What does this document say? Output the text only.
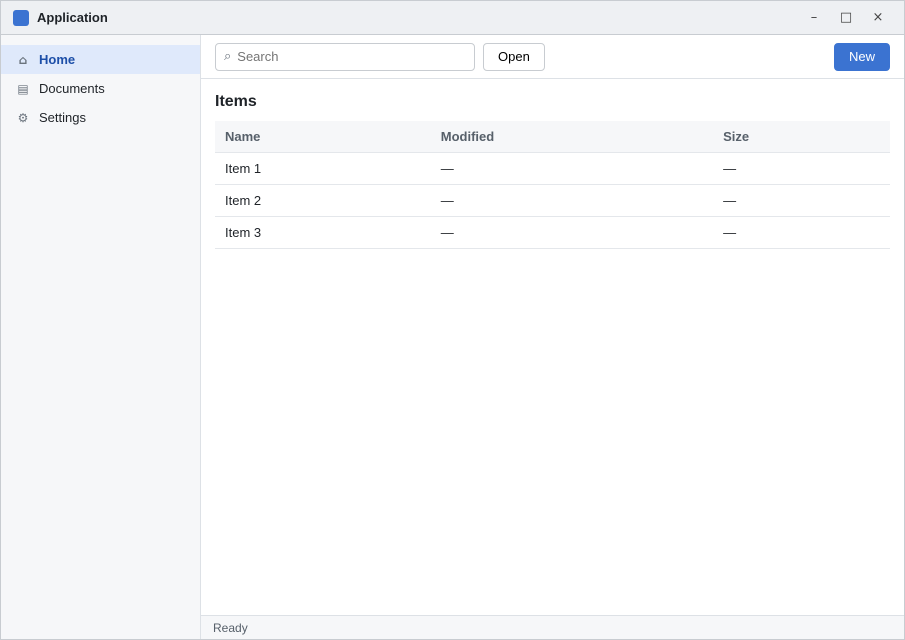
Application	–	□	×
⌂ Home
▤ Documents
⚙ Settings
⌕
Search	Open	New
Items
Name	Modified	Size
Item 1	—	—
Item 2	—	—
Item 3	—	—
Ready
